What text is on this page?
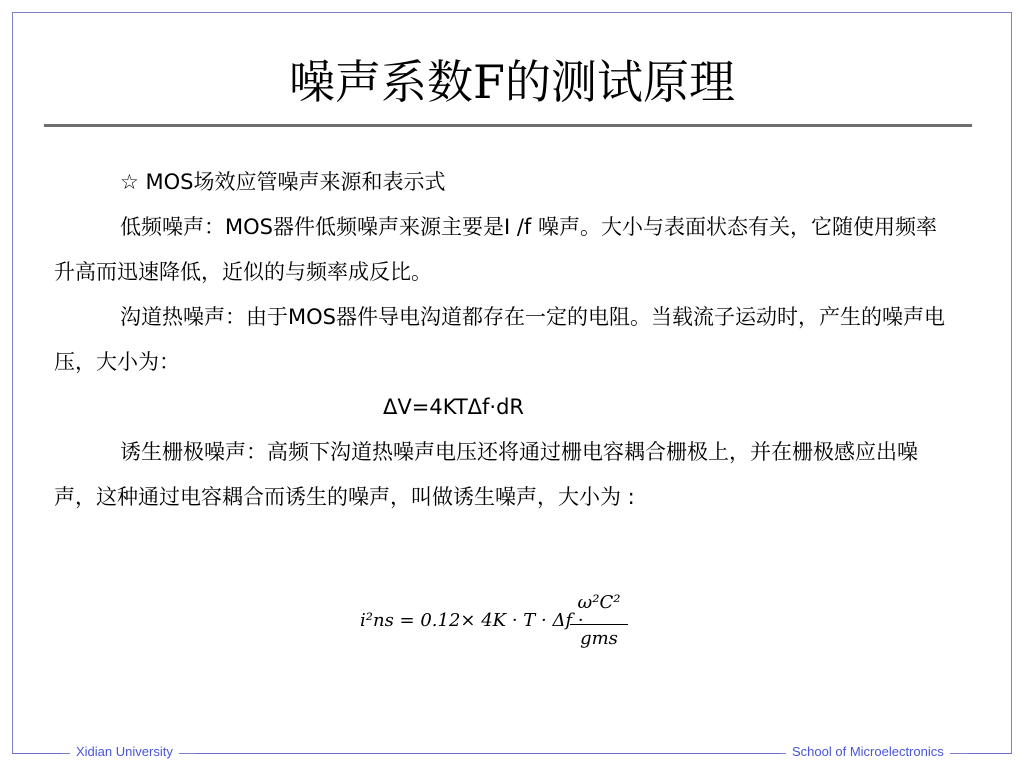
噪声系数F的测试原理

☆ MOS场效应管噪声来源和表示式

低频噪声：MOS器件低频噪声来源主要是I /f 噪声。大小与表面状态有关，它随使用频率升高而迅速降低，近似的与频率成反比。

沟道热噪声：由于MOS器件导电沟道都存在一定的电阻。当载流子运动时，产生的噪声电压，大小为：

ΔV=4KTΔf·dR

诱生栅极噪声：高频下沟道热噪声电压还将通过栅电容耦合栅极上，并在栅极感应出噪声，这种通过电容耦合而诱生的噪声，叫做诱生噪声，大小为 :

i²ns = 0.12× 4K · T · Δf ·
ω²C²
gms
Xidian University	School of Microelectronics
